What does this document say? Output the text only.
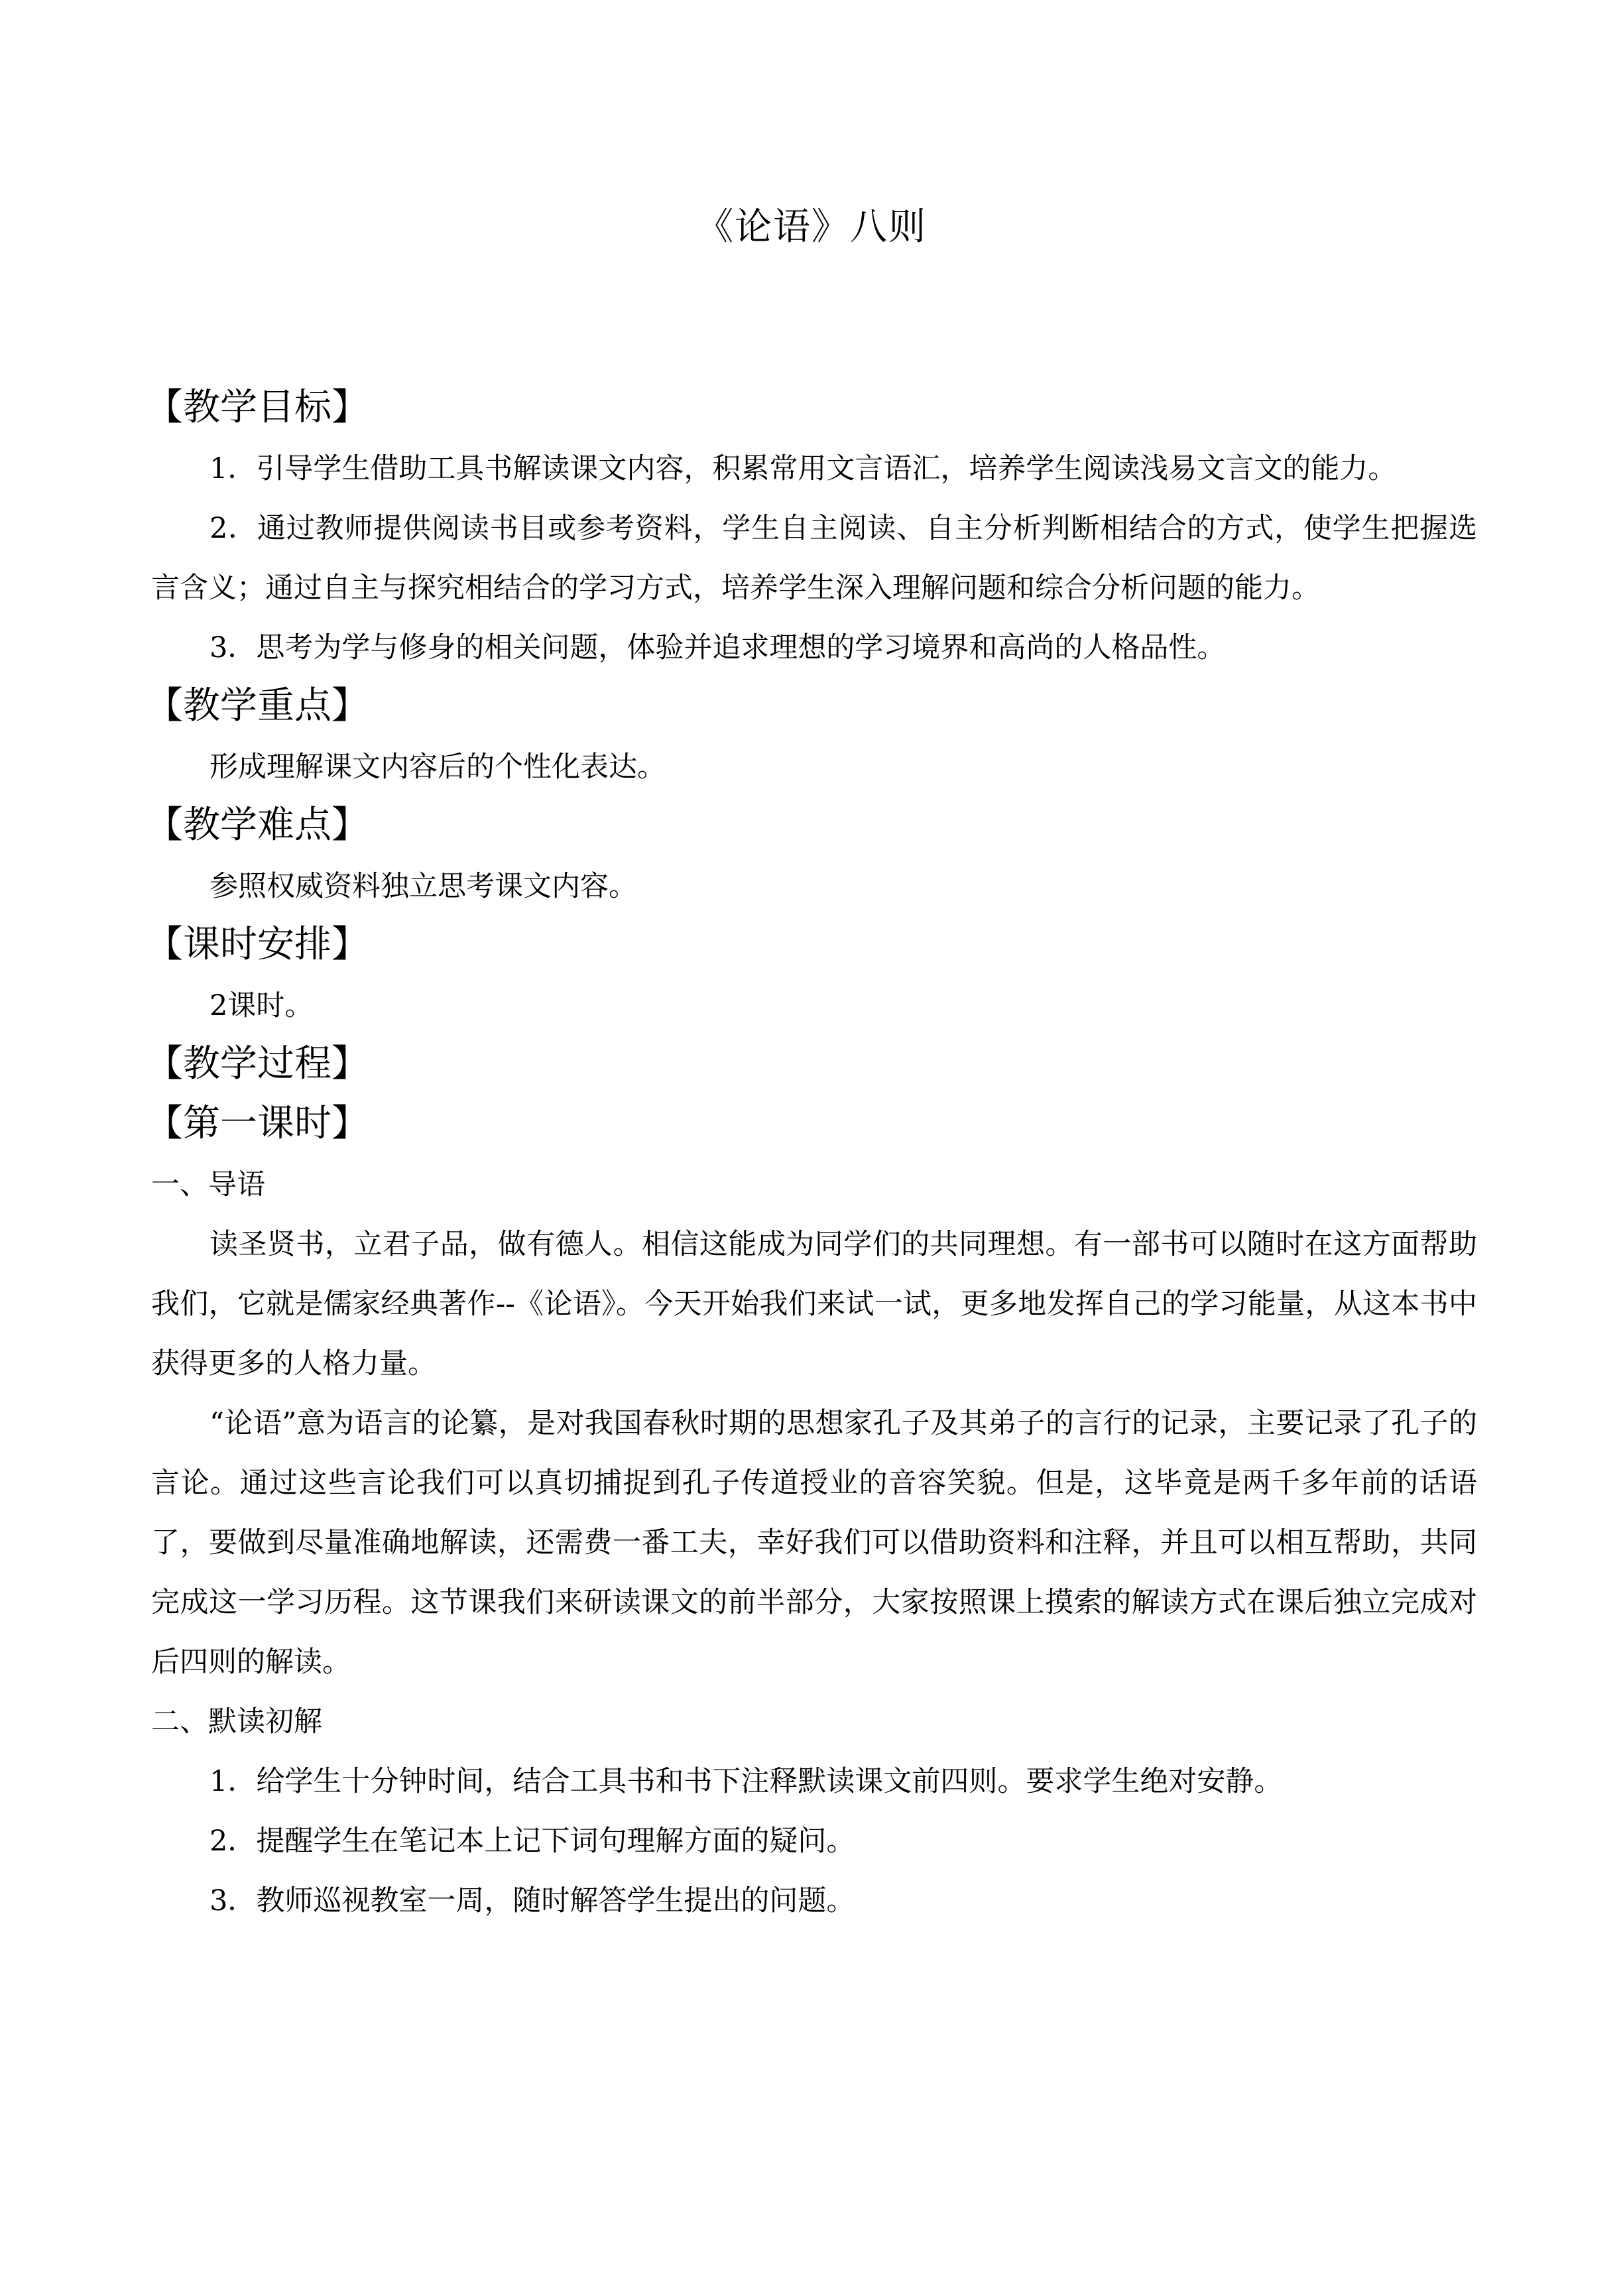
《论语》八则
【教学目标】

1．引导学生借助工具书解读课文内容，积累常用文言语汇，培养学生阅读浅易文言文的能力。

2．通过教师提供阅读书目或参考资料，学生自主阅读、自主分析判断相结合的方式，使学生把握选言含义；通过自主与探究相结合的学习方式，培养学生深入理解问题和综合分析问题的能力。

3．思考为学与修身的相关问题，体验并追求理想的学习境界和高尚的人格品性。

【教学重点】

形成理解课文内容后的个性化表达。

【教学难点】

参照权威资料独立思考课文内容。

【课时安排】

2课时。

【教学过程】
【第一课时】

一、导语

读圣贤书，立君子品，做有德人。相信这能成为同学们的共同理想。有一部书可以随时在这方面帮助我们，它就是儒家经典著作--《论语》。今天开始我们来试一试，更多地发挥自己的学习能量，从这本书中获得更多的人格力量。

“论语”意为语言的论纂，是对我国春秋时期的思想家孔子及其弟子的言行的记录，主要记录了孔子的言论。通过这些言论我们可以真切捕捉到孔子传道授业的音容笑貌。但是，这毕竟是两千多年前的话语了，要做到尽量准确地解读，还需费一番工夫，幸好我们可以借助资料和注释，并且可以相互帮助，共同完成这一学习历程。这节课我们来研读课文的前半部分，大家按照课上摸索的解读方式在课后独立完成对后四则的解读。

二、默读初解

1．给学生十分钟时间，结合工具书和书下注释默读课文前四则。要求学生绝对安静。

2．提醒学生在笔记本上记下词句理解方面的疑问。

3．教师巡视教室一周，随时解答学生提出的问题。
